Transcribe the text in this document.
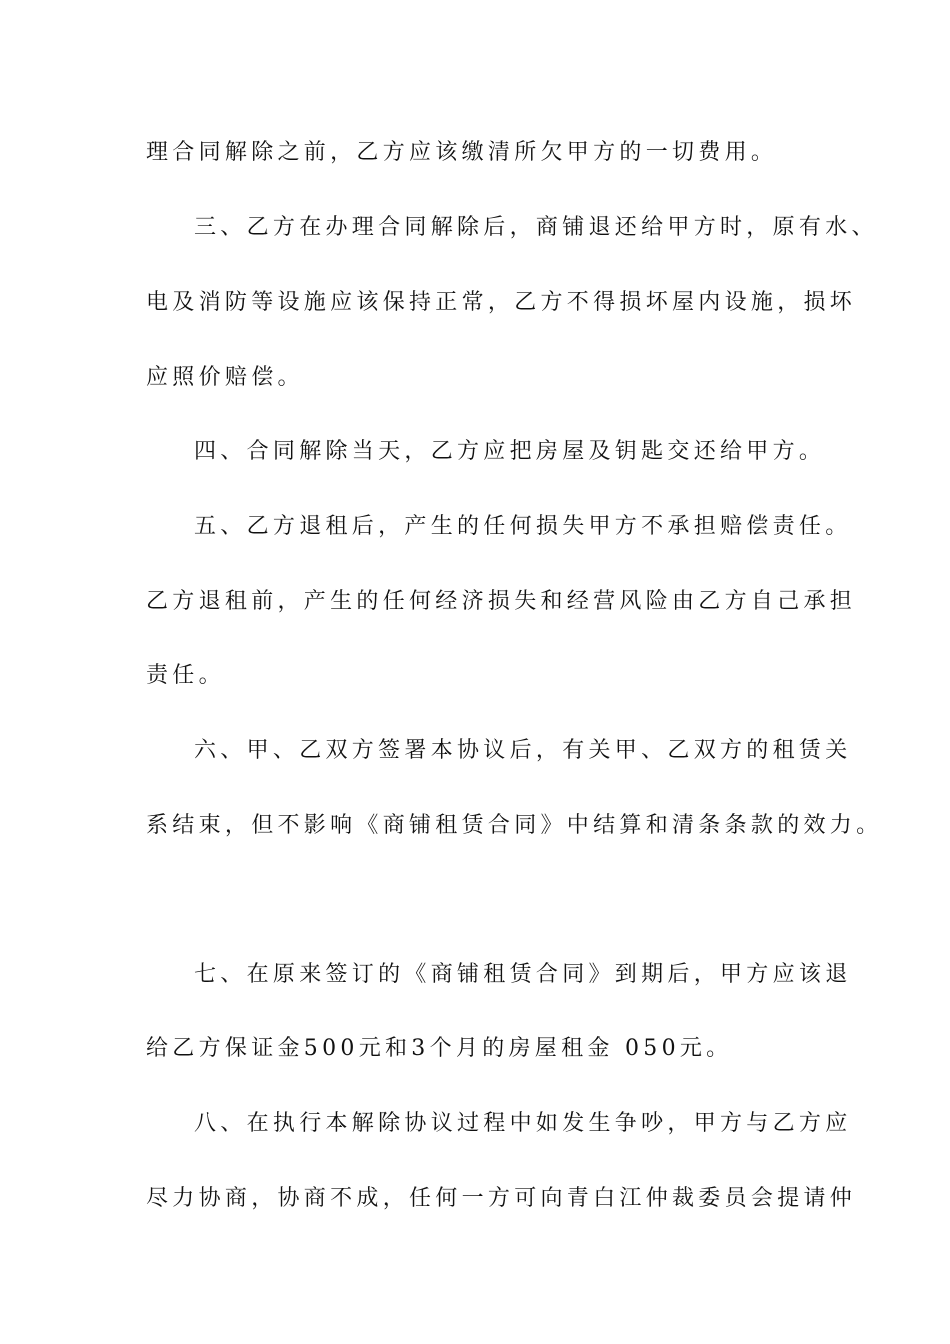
理合同解除之前，乙方应该缴清所欠甲方的一切费用。

三、乙方在办理合同解除后，商铺退还给甲方时，原有水、

电及消防等设施应该保持正常，乙方不得损坏屋内设施，损坏

应照价赔偿。

四、合同解除当天，乙方应把房屋及钥匙交还给甲方。

五、乙方退租后，产生的任何损失甲方不承担赔偿责任。

乙方退租前，产生的任何经济损失和经营风险由乙方自己承担

责任。

六、甲、乙双方签署本协议后，有关甲、乙双方的租赁关

系结束，但不影响《商铺租赁合同》中结算和清条条款的效力。

七、在原来签订的《商铺租赁合同》到期后，甲方应该退

给乙方保证金500元和3个月的房屋租金 050元。

八、在执行本解除协议过程中如发生争吵，甲方与乙方应

尽力协商，协商不成，任何一方可向青白江仲裁委员会提请仲
